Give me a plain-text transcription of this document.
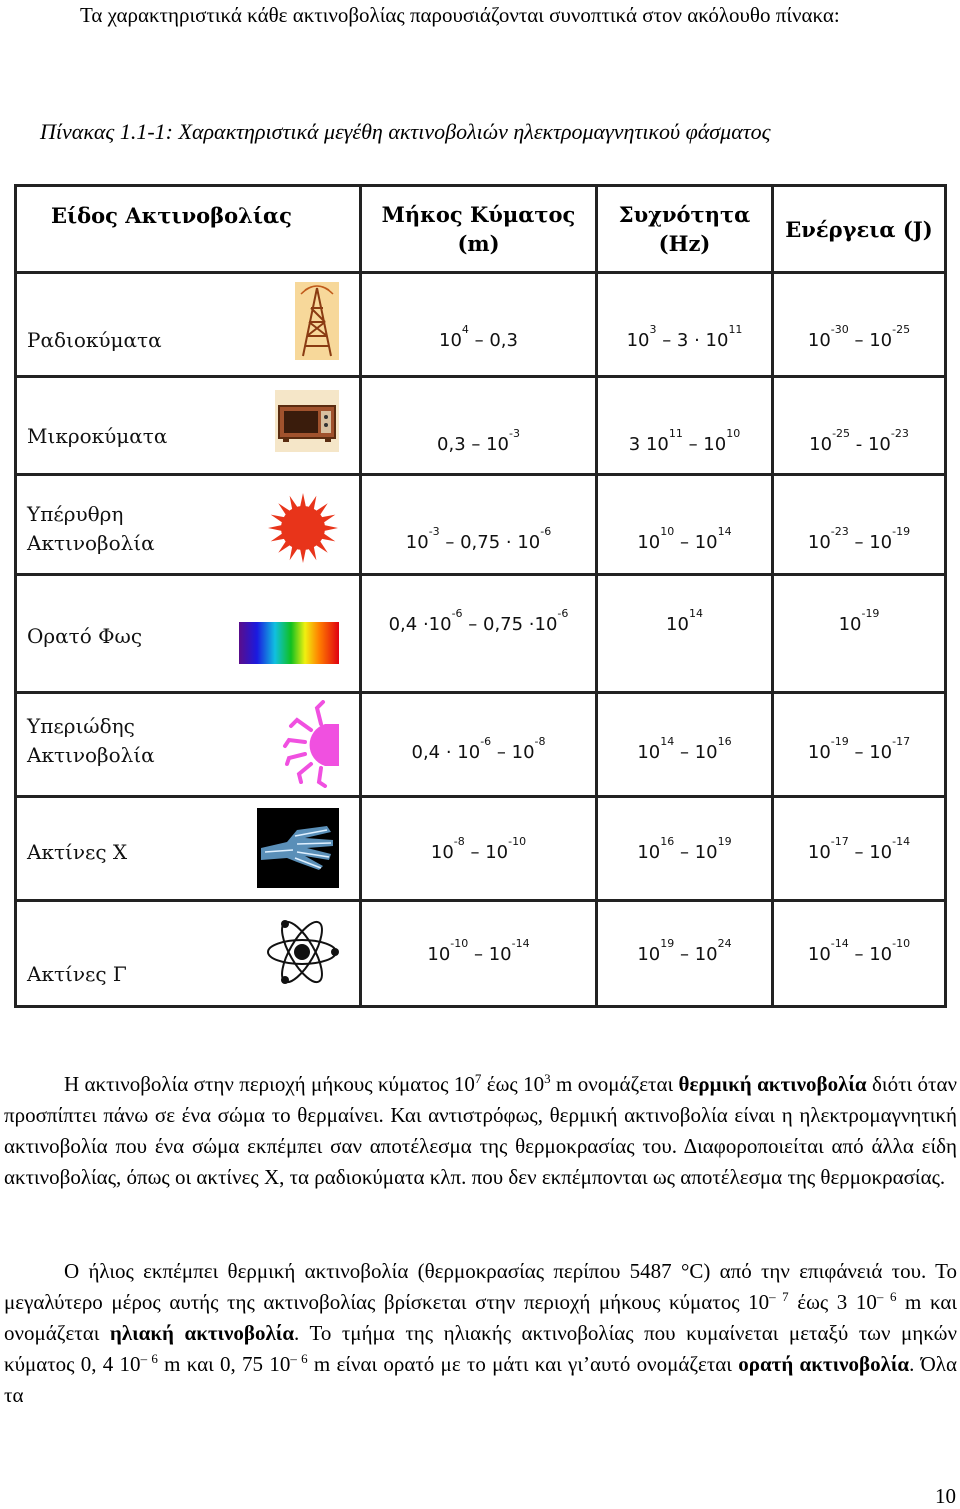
Τα χαρακτηριστικά κάθε ακτινοβολίας παρουσιάζονται συνοπτικά στον ακόλουθο πίνακα:
Πίνακας 1.1-1: Χαρακτηριστικά μεγέθη ακτινοβολιών ηλεκτρομαγνητικού φάσματος
Είδος Ακτινοβολίας	Μήκος Κύματος (m)	Συχνότητα (Hz)	Ενέργεια (J)

Ραδιοκύματα	$10^4 - 0,3$	$10^3 - 3 \cdot 10^{11}$	$10^{-30} - 10^{-25}$

Μικροκύματα	$0,3 - 10^{-3}$	3 $10^{11} - 10^{10}$	$10^{-25} - 10^{-23}$

Υπέρυθρη Ακτινοβολία	$10^{-3} - 0,75 \cdot 10^{-6}$	$10^{10} - 10^{14}$	$10^{-23} - 10^{-19}$

Ορατό Φως	$0,4 \cdot 10^{-6} - 0,75 \cdot 10^{-6}$	$10^{14}$	$10^{-19}$

Υπεριώδης Ακτινοβολία	$0,4 \cdot 10^{-6} - 10^{-8}$	$10^{14} - 10^{16}$	$10^{-19} - 10^{-17}$

Ακτίνες Χ	$10^{-8} - 10^{-10}$	$10^{16} - 10^{19}$	$10^{-17} - 10^{-14}$

Ακτίνες Γ	$10^{-10} - 10^{-14}$	$10^{19} - 10^{24}$	$10^{-14} - 10^{-10}$
Η ακτινοβολία στην περιοχή μήκους κύματος $10^7$ έως $10^3$ m ονομάζεται θερμική ακτινοβολία διότι όταν προσπίπτει πάνω σε ένα σώμα το θερμαίνει. Και αντιστρόφως, θερμική ακτινοβολία είναι η ηλεκτρομαγνητική ακτινοβολία που ένα σώμα εκπέμπει σαν αποτέλεσμα της θερμοκρασίας του. Διαφοροποιείται από άλλα είδη ακτινοβολίας, όπως οι ακτίνες Χ, τα ραδιοκύματα κλπ. που δεν εκπέμπονται ως αποτέλεσμα της θερμοκρασίας.
Ο ήλιος εκπέμπει θερμική ακτινοβολία (θερμοκρασίας περίπου 5487 °C) από την επιφάνειά του. Το μεγαλύτερο μέρος αυτής της ακτινοβολίας βρίσκεται στην περιοχή μήκους κύματος $10^{- 7}$ έως 3 $10^{- 6}$ m και ονομάζεται ηλιακή ακτινοβολία. Το τμήμα της ηλιακής ακτινοβολίας που κυμαίνεται μεταξύ των μηκών κύματος 0, 4 $10^{- 6}$ m και 0, 75 $10^{- 6}$ m είναι ορατό με το μάτι και γι’αυτό ονομάζεται ορατή ακτινοβολία. Όλα τα
10
